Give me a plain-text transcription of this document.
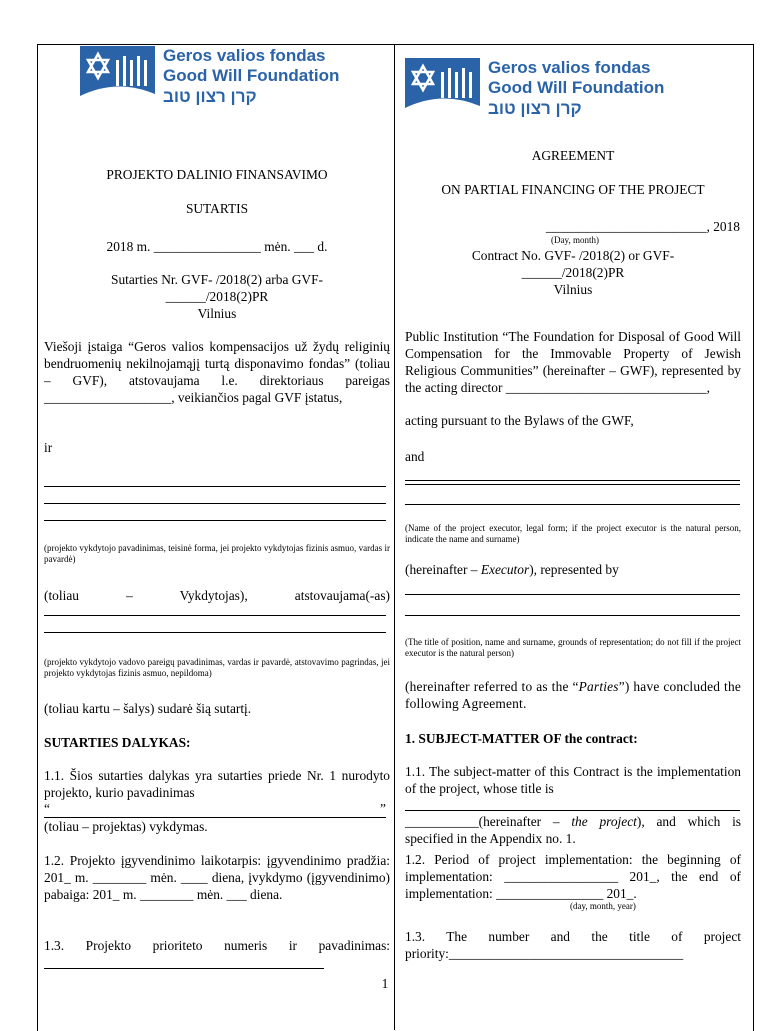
Geros valios fondas
Good Will Foundation
קרן רצון טוב
Geros valios fondas
Good Will Foundation
קרן רצון טוב
PROJEKTO DALINIO FINANSAVIMO
SUTARTIS
2018 m. ________________ mėn. ___ d.
Sutarties Nr. GVF- /2018(2) arba GVF-
______/2018(2)PR
Vilnius
Viešoji įstaiga “Geros valios kompensacijos už žydų religinių bendruomenių nekilnojamąjį turtą disponavimo fondas” (toliau – GVF), atstovaujama l.e. direktoriaus pareigas ___________________, veikiančios pagal GVF įstatus,
ir
(projekto vykdytojo pavadinimas, teisinė forma, jei projekto vykdytojas fizinis asmuo, vardas ir pavardė)
(toliau – Vykdytojas), atstovaujama(-as)
(projekto vykdytojo vadovo pareigų pavadinimas, vardas ir pavardė, atstovavimo pagrindas, jei projekto vykdytojas fizinis asmuo, nepildoma)
(toliau kartu – šalys) sudarė šią sutartį.
SUTARTIES DALYKAS:
1.1. Šios sutarties dalykas yra sutarties priede Nr. 1 nurodyto projekto, kurio pavadinimas
“	”
(toliau – projektas) vykdymas.
1.2. Projekto įgyvendinimo laikotarpis: įgyvendinimo pradžia: 201_ m. ________ mėn. ____ diena, įvykdymo (įgyvendinimo) pabaiga: 201_ m. ________ mėn. ___ diena.
1.3. Projekto prioriteto numeris ir pavadinimas:
AGREEMENT
ON PARTIAL FINANCING OF THE PROJECT
________________________, 2018
(Day, month)
Contract No. GVF- /2018(2) or GVF-
______/2018(2)PR
Vilnius
Public Institution “The Foundation for Disposal of Good Will Compensation for the Immovable Property of Jewish Religious Communities” (hereinafter – GWF), represented by the acting director ______________________________,
acting pursuant to the Bylaws of the GWF,
and
(Name of the project executor, legal form; if the project executor is the natural person, indicate the name and surname)
(hereinafter – Executor), represented by
(The title of position, name and surname, grounds of representation; do not fill if the project executor is the natural person)
(hereinafter referred to as the “Parties”) have concluded the following Agreement.
1. SUBJECT-MATTER OF the contract:
1.1. The subject-matter of this Contract is the implementation of the project, whose title is
___________(hereinafter – the project), and which is specified in the Appendix no. 1.
1.2. Period of project implementation: the beginning of implementation: _________________ 201_, the end of implementation: ________________ 201_.
(day, month, year)
1.3. The number and the title of project priority:___________________________________
1
